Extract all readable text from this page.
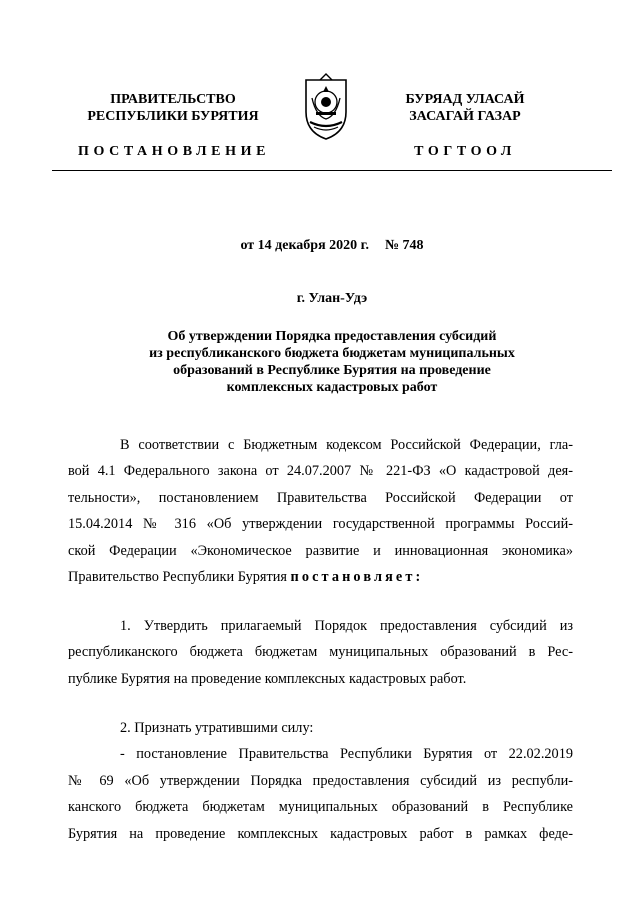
ПРАВИТЕЛЬСТВО
РЕСПУБЛИКИ БУРЯТИЯ
ПОСТАНОВЛЕНИЕ
БУРЯАД УЛАСАЙ
ЗАСАГАЙ ГАЗАР
ТОГТООЛ
от 14 декабря 2020 г. № 748
г. Улан-Удэ
Об утверждении Порядка предоставления субсидий
из республиканского бюджета бюджетам муниципальных
образований в Республике Бурятия на проведение
комплексных кадастровых работ
В соответствии с Бюджетным кодексом Российской Федерации, гла-
вой 4.1 Федерального закона от 24.07.2007 № 221-ФЗ «О кадастровой дея-
тельности», постановлением Правительства Российской Федерации от
15.04.2014 № 316 «Об утверждении государственной программы Россий-
ской Федерации «Экономическое развитие и инновационная экономика»
Правительство Республики Бурятия постановляет:
1. Утвердить прилагаемый Порядок предоставления субсидий из
республиканского бюджета бюджетам муниципальных образований в Рес-
публике Бурятия на проведение комплексных кадастровых работ.
2. Признать утратившими силу:
- постановление Правительства Республики Бурятия от 22.02.2019
№ 69 «Об утверждении Порядка предоставления субсидий из республи-
канского бюджета бюджетам муниципальных образований в Республике
Бурятия на проведение комплексных кадастровых работ в рамках феде-
